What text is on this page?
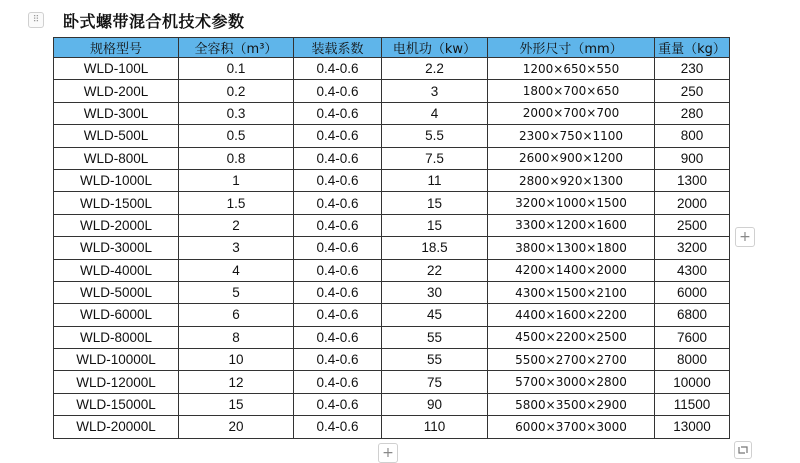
⠿ 卧式螺带混合机技术参数
规格型号	全容积（m³）	装载系数	电机功（kw）	外形尺寸（mm）	重量（kg）
WLD-100L	0.1	0.4-0.6	2.2	1200×650×550	230
WLD-200L	0.2	0.4-0.6	3	1800×700×650	250
WLD-300L	0.3	0.4-0.6	4	2000×700×700	280
WLD-500L	0.5	0.4-0.6	5.5	2300×750×1100	800
WLD-800L	0.8	0.4-0.6	7.5	2600×900×1200	900
WLD-1000L	1	0.4-0.6	11	2800×920×1300	1300
WLD-1500L	1.5	0.4-0.6	15	3200×1000×1500	2000
WLD-2000L	2	0.4-0.6	15	3300×1200×1600	2500
WLD-3000L	3	0.4-0.6	18.5	3800×1300×1800	3200
WLD-4000L	4	0.4-0.6	22	4200×1400×2000	4300
WLD-5000L	5	0.4-0.6	30	4300×1500×2100	6000
WLD-6000L	6	0.4-0.6	45	4400×1600×2200	6800
WLD-8000L	8	0.4-0.6	55	4500×2200×2500	7600
WLD-10000L	10	0.4-0.6	55	5500×2700×2700	8000
WLD-12000L	12	0.4-0.6	75	5700×3000×2800	10000
WLD-15000L	15	0.4-0.6	90	5800×3500×2900	11500
WLD-20000L	20	0.4-0.6	110	6000×3700×3000	13000
+
+
